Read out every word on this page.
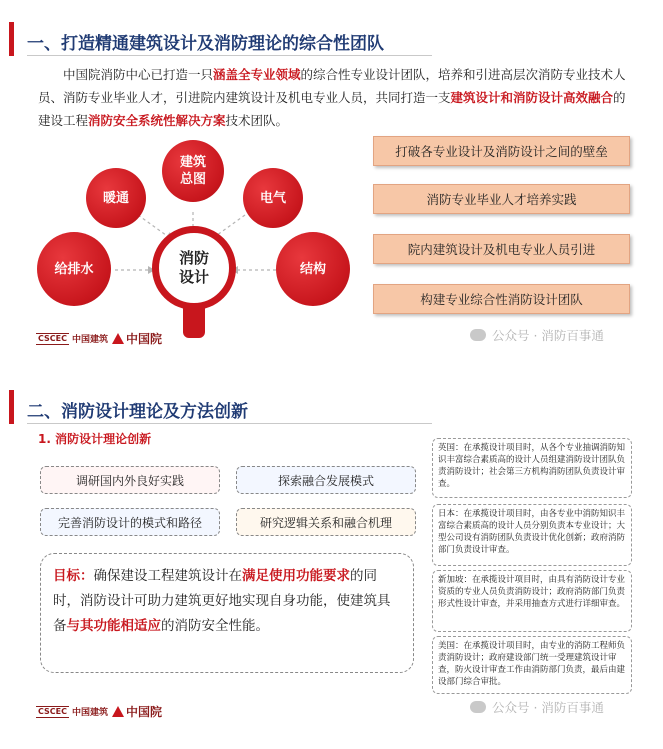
一、打造精通建筑设计及消防理论的综合性团队
中国院消防中心已打造一只涵盖全专业领域的综合性专业设计团队，培养和引进高层次消防专业技术人员、消防专业毕业人才，引进院内建筑设计及机电专业人员，共同打造一支建筑设计和消防设计高效融合的建设工程消防安全系统性解决方案技术团队。
建筑
总图
暖通	电气
给排水	结构
消防
设计
打破各专业设计及消防设计之间的壁垒
消防专业毕业人才培养实践
院内建筑设计及机电专业人员引进
构建专业综合性消防设计团队
CSCEC 中国建筑 中国院	公众号 · 消防百事通
二、消防设计理论及方法创新
1. 消防设计理论创新
调研国内外良好实践	探索融合发展模式
完善消防设计的模式和路径	研究逻辑关系和融合机理
目标：确保建设工程建筑设计在满足使用功能要求的同时，消防设计可助力建筑更好地实现自身功能，使建筑具备与其功能相适应的消防安全性能。
英国：在承揽设计项目时，从各个专业抽调消防知识丰富综合素质高的设计人员组建消防设计团队负责消防设计；社会第三方机构消防团队负责设计审查。
日本：在承揽设计项目时，由各专业中消防知识丰富综合素质高的设计人员分别负责本专业设计；大型公司设有消防团队负责设计优化创新；政府消防部门负责设计审查。
新加坡：在承揽设计项目时，由具有消防设计专业资质的专业人员负责消防设计；政府消防部门负责形式性设计审查，并采用抽查方式进行详细审查。
美国：在承揽设计项目时，由专业的消防工程师负责消防设计；政府建设部门统一受理建筑设计审查，防火设计审查工作由消防部门负责，最后由建设部门综合审批。
CSCEC 中国建筑 中国院	公众号 · 消防百事通
